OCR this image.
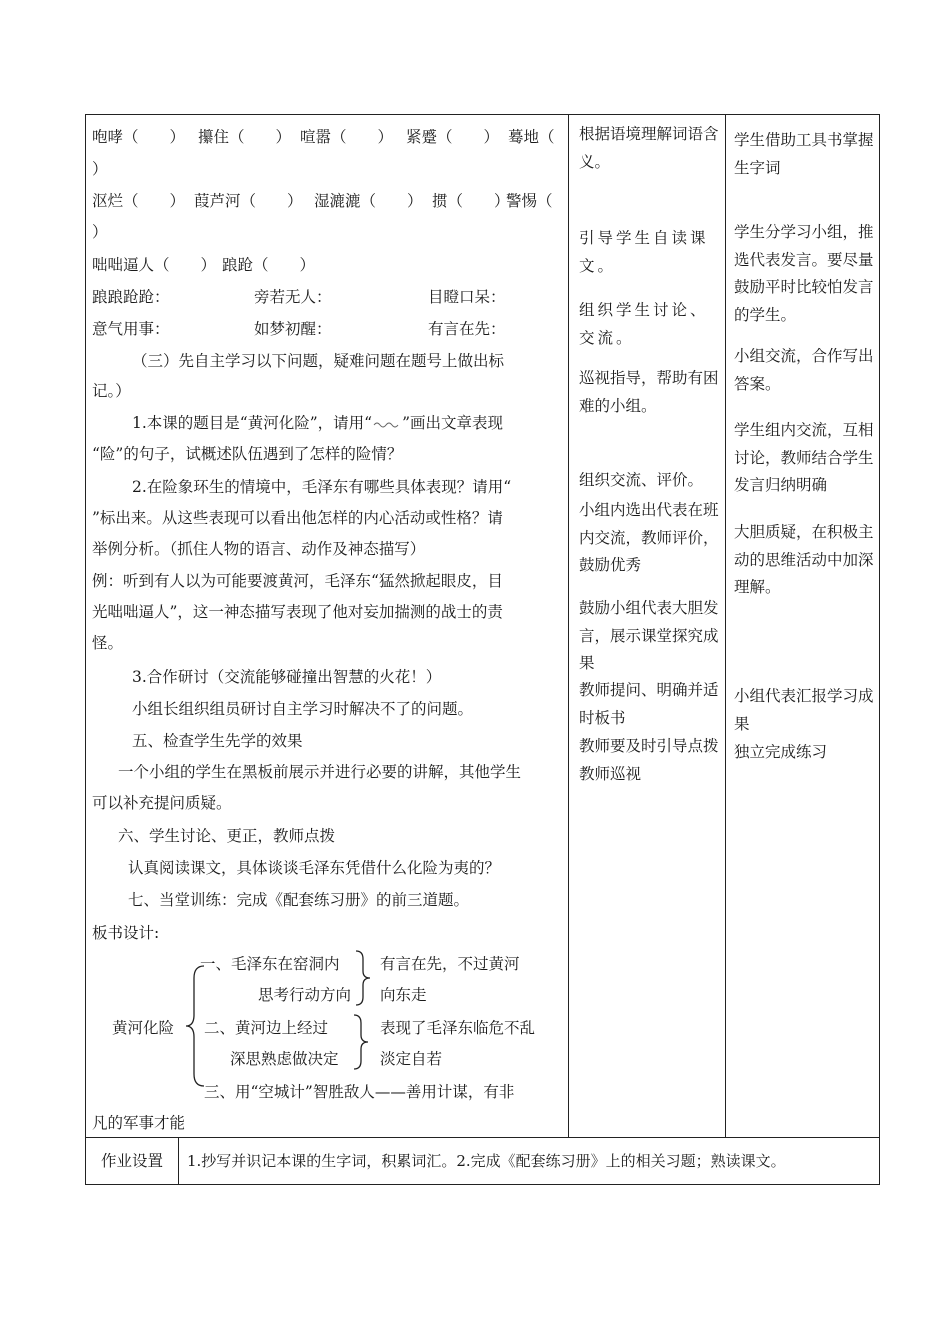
咆哮（　　） 攥住（　　） 喧嚣（　　） 紧蹙（　　） 蓦地（
）
沤烂（　　） 葭芦河（　　） 湿漉漉（　　） 掼（　　）
警惕（
）
咄咄逼人（　　） 踉跄（　　）
踉踉跄跄：	旁若无人：	目瞪口呆：
意气用事：	如梦初醒：	有言在先：
（三）先自主学习以下问题，疑难问题在题号上做出标
记。）
1.本课的题目是“黄河化险”，请用“ ”画出文章表现
“险”的句子，试概述队伍遇到了怎样的险情？
2.在险象环生的情境中，毛泽东有哪些具体表现？请用“
”标出来。从这些表现可以看出他怎样的内心活动或性格？请
举例分析。（抓住人物的语言、动作及神态描写）
例：听到有人以为可能要渡黄河，毛泽东“猛然掀起眼皮，目
光咄咄逼人”，这一神态描写表现了他对妄加揣测的战士的责
怪。
3.合作研讨（交流能够碰撞出智慧的火花！）
小组长组织组员研讨自主学习时解决不了的问题。
五、检查学生先学的效果
一个小组的学生在黑板前展示并进行必要的讲解，其他学生
可以补充提问质疑。
六、学生讨论、更正，教师点拨
认真阅读课文，具体谈谈毛泽东凭借什么化险为夷的？
七、当堂训练：完成《配套练习册》的前三道题。
板书设计:
一、毛泽东在窑洞内
思考行动方向
有言在先，不过黄河
向东走
黄河化险 二、黄河边上经过
深思熟虑做决定
表现了毛泽东临危不乱
淡定自若
三、用“空城计”智胜敌人——善用计谋，有非
凡的军事才能

根据语境理解词语含义。
引导学生自读课文。
组织学生讨论、交流。
巡视指导，帮助有困难的小组。
组织交流、评价。
小组内选出代表在班内交流，教师评价，鼓励优秀
鼓励小组代表大胆发言，展示课堂探究成果
教师提问、明确并适时板书
教师要及时引导点拨教师巡视

学生借助工具书掌握生字词
学生分学习小组，推选代表发言。要尽量鼓励平时比较怕发言的学生。
小组交流，合作写出答案。
学生组内交流，互相讨论，教师结合学生发言归纳明确
大胆质疑，在积极主动的思维活动中加深理解。
小组代表汇报学习成果
独立完成练习

作业设置	1.抄写并识记本课的生字词，积累词汇。2.完成《配套练习册》上的相关习题；熟读课文。
